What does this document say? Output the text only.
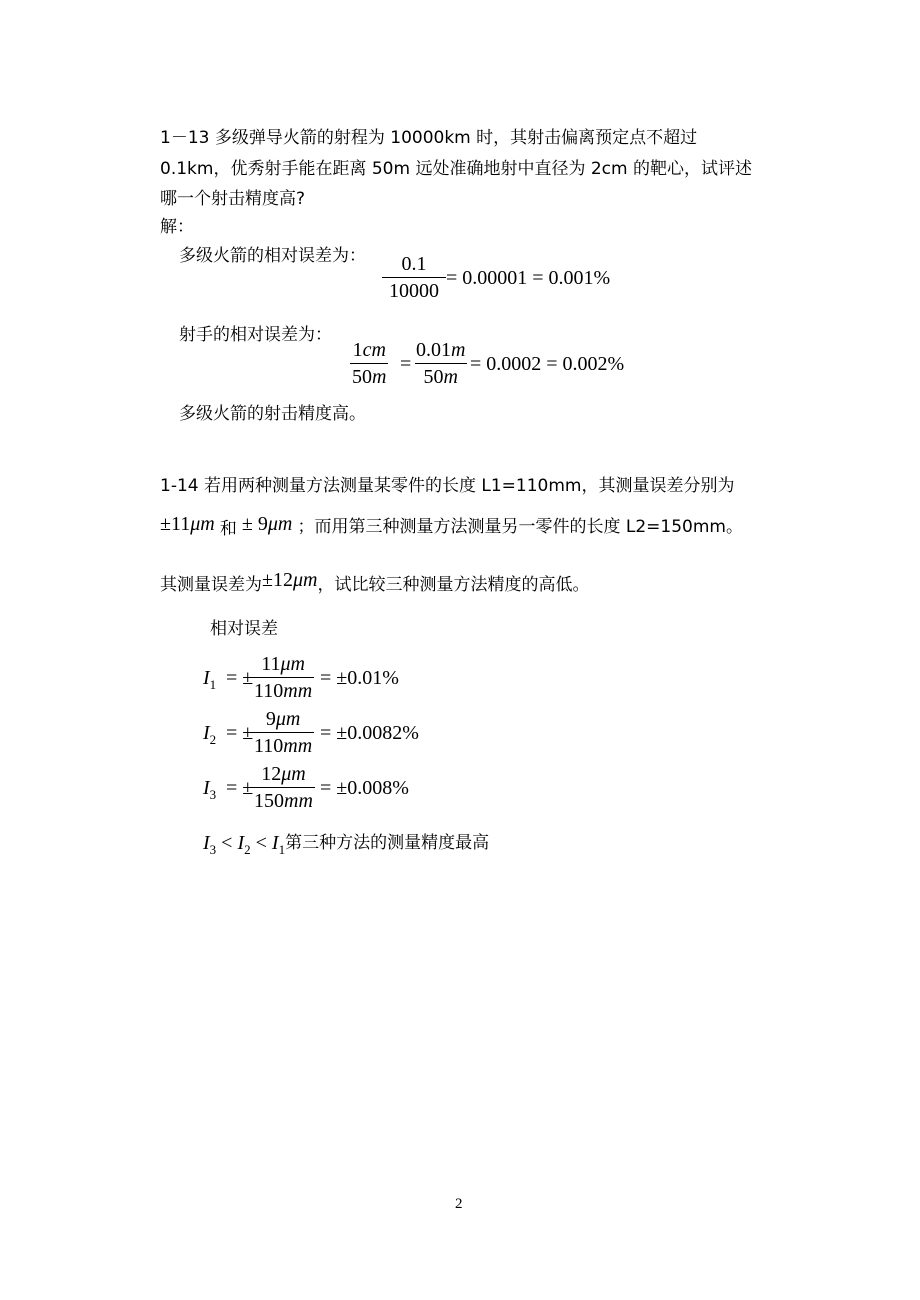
1－13 多级弹导火箭的射程为 10000km 时，其射击偏离预定点不超过
0.1km，优秀射手能在距离 50m 远处准确地射中直径为 2cm 的靶心，试评述
哪一个射击精度高?
解：
多级火箭的相对误差为： $\frac{0.1}{10000} = 0.00001 = 0.001\%$
射手的相对误差为：
$\frac{1cm}{50m} = \frac{0.01m}{50m} = 0.0002 = 0.002\%$
多级火箭的射击精度高。
1-14 若用两种测量方法测量某零件的长度 L1=110mm，其测量误差分别为
±11μm 和 ± 9μm ；而用第三种测量方法测量另一零件的长度 L2=150mm。
其测量误差为±12μm，试比较三种测量方法精度的高低。
相对误差
$I_1$ = ±
$\frac{11\mu m}{110mm} = \pm 0.01\%$
$I_2$ = ±
$\frac{9\mu m}{110mm} = \pm 0.0082\%$
$I_3$ = ±
$\frac{12\mu m}{150mm} = \pm 0.008\%$
$I_3 < I_2 < I_1$第三种方法的测量精度最高
2
